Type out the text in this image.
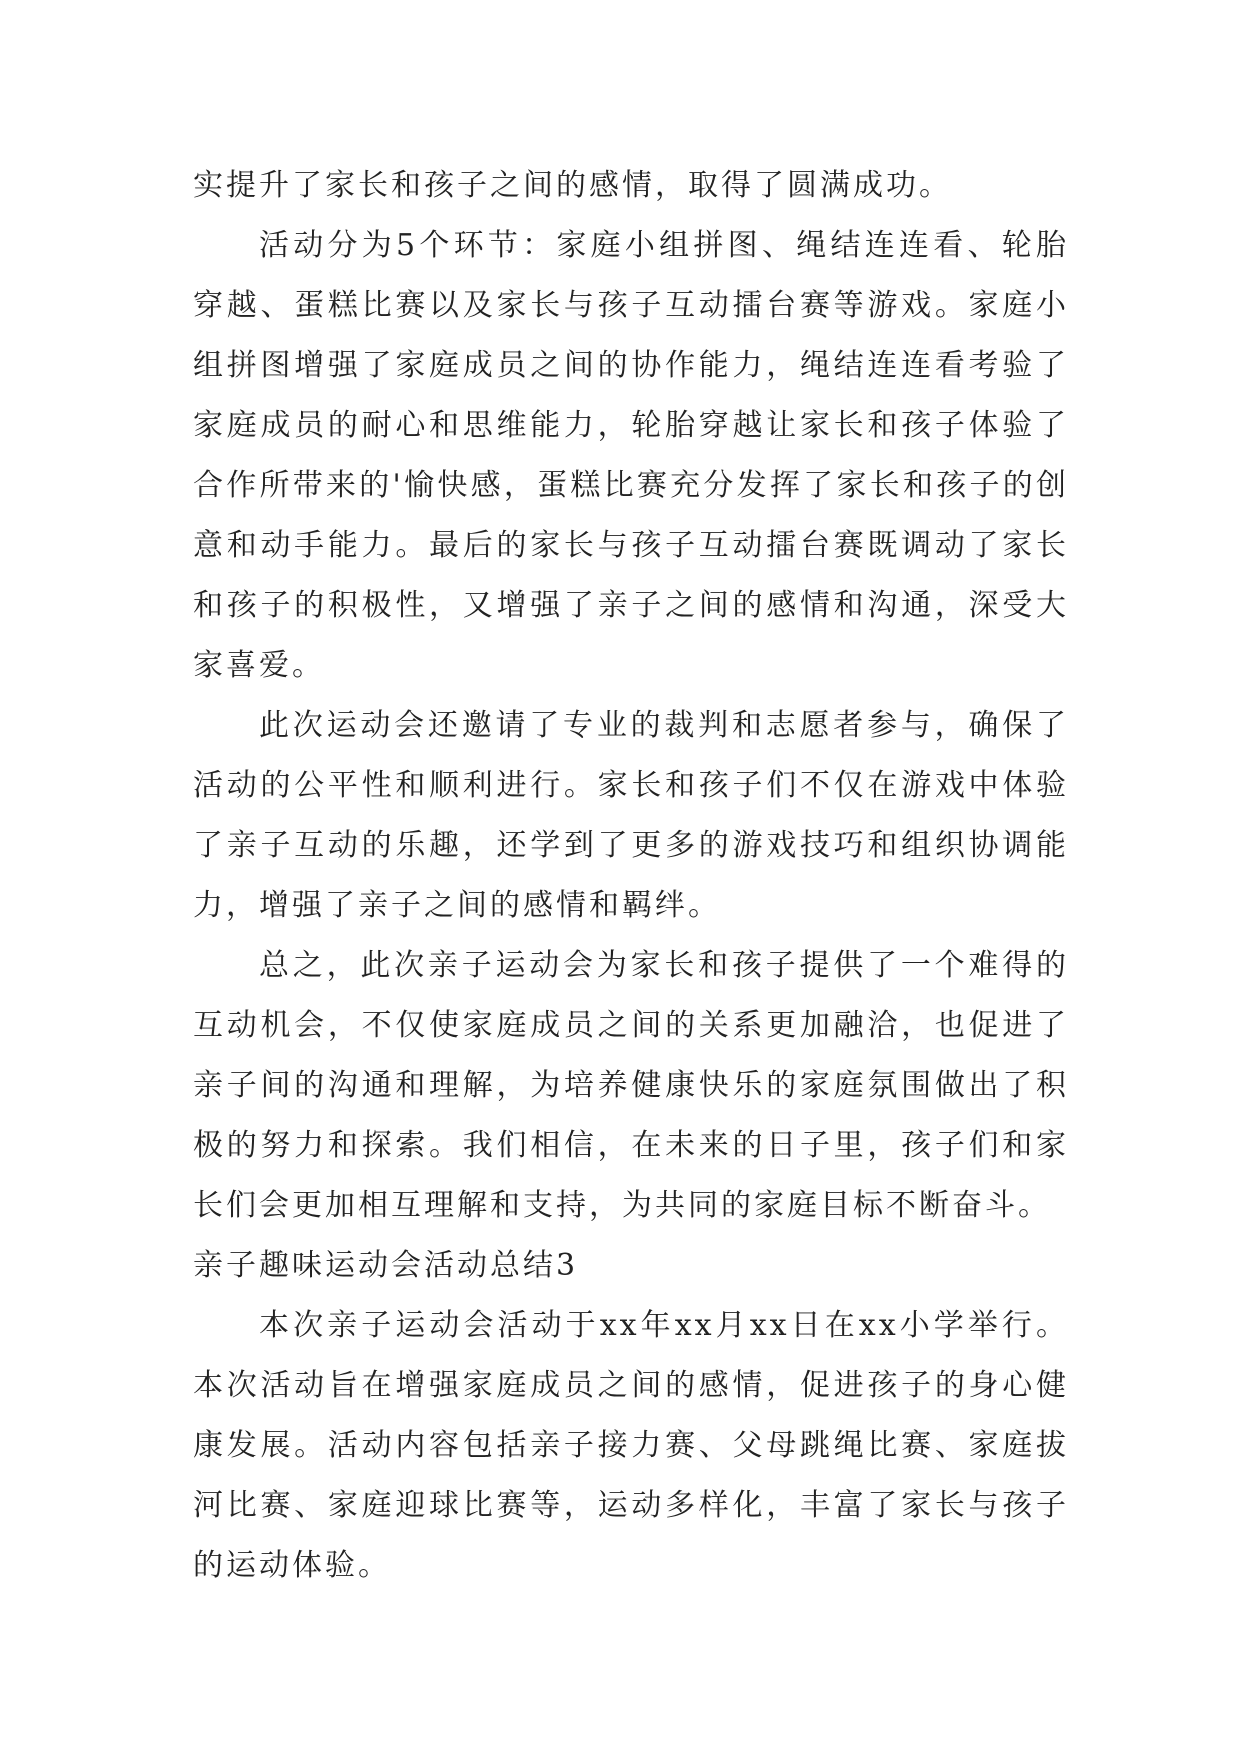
实提升了家长和孩子之间的感情，取得了圆满成功。

活动分为5个环节：家庭小组拼图、绳结连连看、轮胎穿越、蛋糕比赛以及家长与孩子互动擂台赛等游戏。家庭小组拼图增强了家庭成员之间的协作能力，绳结连连看考验了家庭成员的耐心和思维能力，轮胎穿越让家长和孩子体验了合作所带来的'愉快感，蛋糕比赛充分发挥了家长和孩子的创意和动手能力。最后的家长与孩子互动擂台赛既调动了家长和孩子的积极性，又增强了亲子之间的感情和沟通，深受大家喜爱。

此次运动会还邀请了专业的裁判和志愿者参与，确保了活动的公平性和顺利进行。家长和孩子们不仅在游戏中体验了亲子互动的乐趣，还学到了更多的游戏技巧和组织协调能力，增强了亲子之间的感情和羁绊。

总之，此次亲子运动会为家长和孩子提供了一个难得的互动机会，不仅使家庭成员之间的关系更加融洽，也促进了亲子间的沟通和理解，为培养健康快乐的家庭氛围做出了积极的努力和探索。我们相信，在未来的日子里，孩子们和家长们会更加相互理解和支持，为共同的家庭目标不断奋斗。

亲子趣味运动会活动总结3

本次亲子运动会活动于xx年xx月xx日在xx小学举行。本次活动旨在增强家庭成员之间的感情，促进孩子的身心健康发展。活动内容包括亲子接力赛、父母跳绳比赛、家庭拔河比赛、家庭迎球比赛等，运动多样化，丰富了家长与孩子的运动体验。
